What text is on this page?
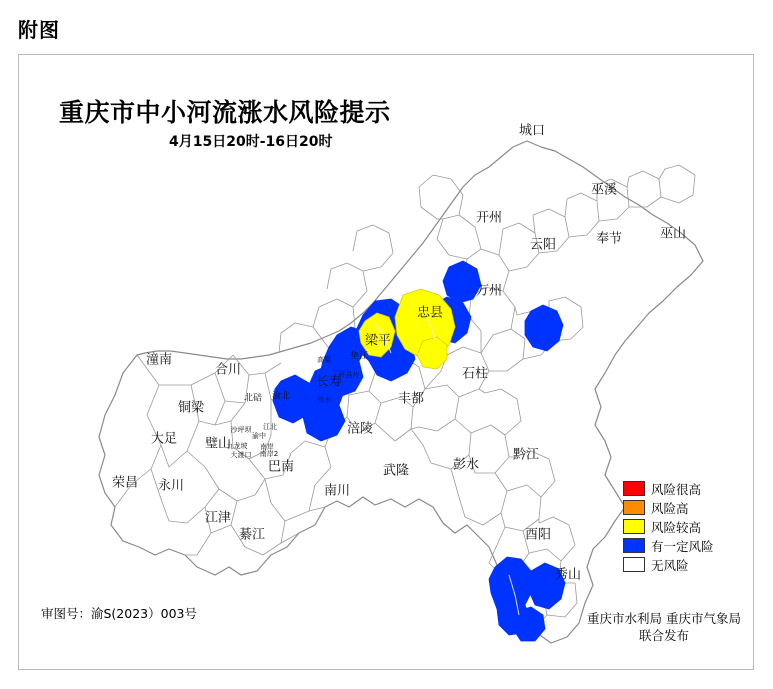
附图
重庆市中小河流涨水风险提示
4月15日20时-16日20时
城口
巫溪
巫山
开州
云阳	奉节
万州
忠县
石柱
丰都
梁平
垫江
长寿
涪陵
武隆	彭水
黔江
酉阳
秀山
南川
綦江
江津
永川
巴南
璧山
大足
荣昌
铜梁
合川
潼南
北碚 渝北
沙坪坝
渝中
江北
九龙坡
大渡口
南岸
南岸2
开县片
邻水
高梁
风险很高
风险高
风险较高
有一定风险
无风险
审图号：渝S(2023）003号	重庆市水利局 重庆市气象局
联合发布
